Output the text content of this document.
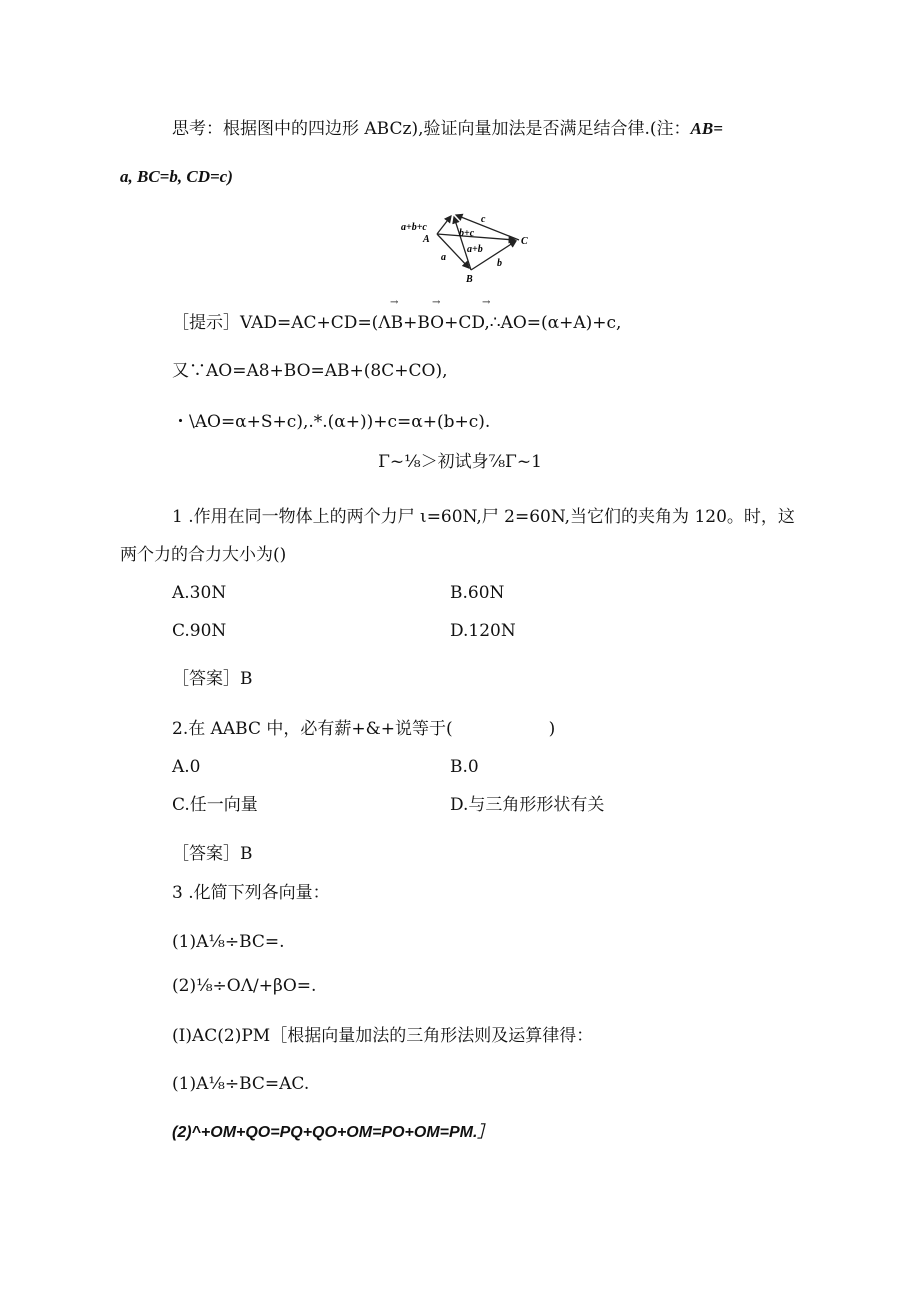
思考：根据图中的四边形 ABCz),验证向量加法是否满足结合律.(注：AB=
a, BC=b, CD=c)
a+b+c
b+c
a+b
c
a
b
A
B
C
→	→	→
［提示］VAD=AC+CD=(ΛB+BO+CD,∴AO=(α+A)+c,
又∵AO=A8+BO=AB+(8C+CO),
・\AO=α+S+c),.*.(α+))+c=α+(b+c).
Γ~⅛＞初试身⅞Γ~1
1 .作用在同一物体上的两个力尸 ι=60N,尸 2=60N,当它们的夹角为 120。时，这
两个力的合力大小为()
A.30N	B.60N
C.90N	D.120N
［答案］B
2.在 AABC 中，必有薪+&+说等于(	)
A.0	B.0
C.任一向量	D.与三角形形状有关
［答案］B
3 .化简下列各向量：
(1)A⅛÷BC=.
(2)⅛÷OΛ∕+βO=.
(I)AC(2)PM［根据向量加法的三角形法则及运算律得：
(1)A⅛÷BC=AC.
(2)^+OM+QO=PQ+QO+OM=PO+OM=PM.］
